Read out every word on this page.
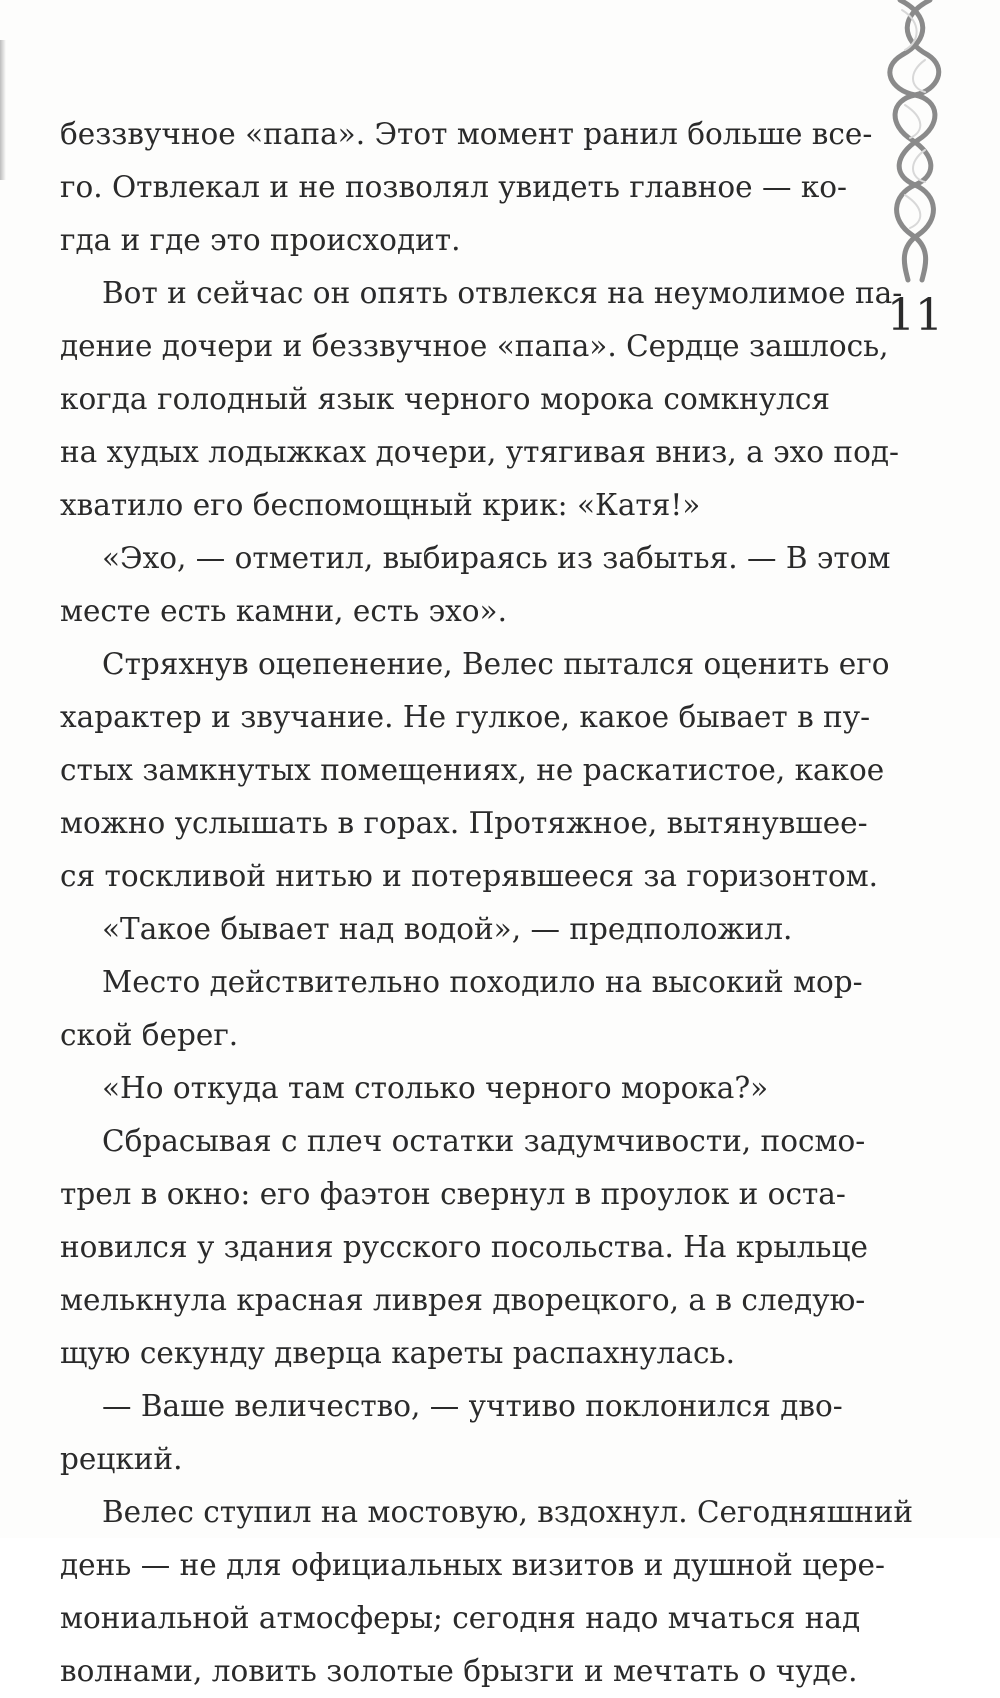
11
беззвучное «папа». Этот момент ранил больше все-
го. Отвлекал и не позволял увидеть главное — ко-
гда и где это происходит.
Вот и сейчас он опять отвлекся на неумолимое па-
дение дочери и беззвучное «папа». Сердце зашлось,
когда голодный язык черного морока сомкнулся
на худых лодыжках дочери, утягивая вниз, а эхо под-
хватило его беспомощный крик: «Катя!»
«Эхо, — отметил, выбираясь из забытья. — В этом
месте есть камни, есть эхо».
Стряхнув оцепенение, Велес пытался оценить его
характер и звучание. Не гулкое, какое бывает в пу-
стых замкнутых помещениях, не раскатистое, какое
можно услышать в горах. Протяжное, вытянувшее-
ся тоскливой нитью и потерявшееся за горизонтом.
«Такое бывает над водой», — предположил.
Место действительно походило на высокий мор-
ской берег.
«Но откуда там столько черного морока?»
Сбрасывая с плеч остатки задумчивости, посмо-
трел в окно: его фаэтон свернул в проулок и оста-
новился у здания русского посольства. На крыльце
мелькнула красная ливрея дворецкого, а в следую-
щую секунду дверца кареты распахнулась.
— Ваше величество, — учтиво поклонился дво-
рецкий.
Велес ступил на мостовую, вздохнул. Сегодняшний
день — не для официальных визитов и душной цере-
мониальной атмосферы; сегодня надо мчаться над
волнами, ловить золотые брызги и мечтать о чуде.
